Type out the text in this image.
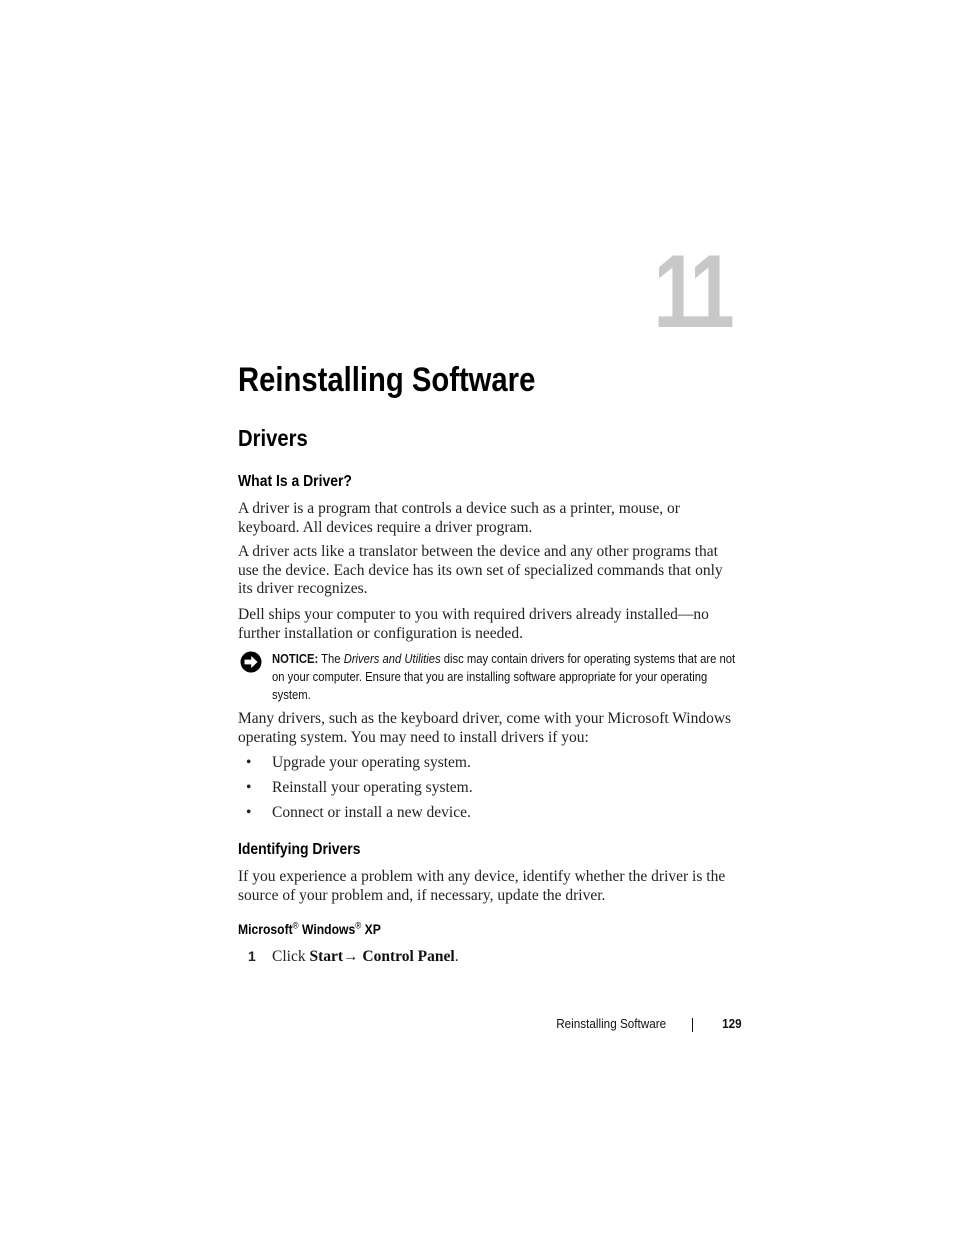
11
Reinstalling Software
Drivers
What Is a Driver?

A driver is a program that controls a device such as a printer, mouse, or keyboard. All devices require a driver program.

A driver acts like a translator between the device and any other programs that use the device. Each device has its own set of specialized commands that only its driver recognizes.

Dell ships your computer to you with required drivers already installed—no further installation or configuration is needed.

NOTICE: The Drivers and Utilities disc may contain drivers for operating systems that are not on your computer. Ensure that you are installing software appropriate for your operating system.

Many drivers, such as the keyboard driver, come with your Microsoft Windows operating system. You may need to install drivers if you:

• Upgrade your operating system.
• Reinstall your operating system.
• Connect or install a new device.
Identifying Drivers

If you experience a problem with any device, identify whether the driver is the source of your problem and, if necessary, update the driver.

Microsoft® Windows® XP
1 Click Start→ Control Panel.
Reinstalling Software	129
